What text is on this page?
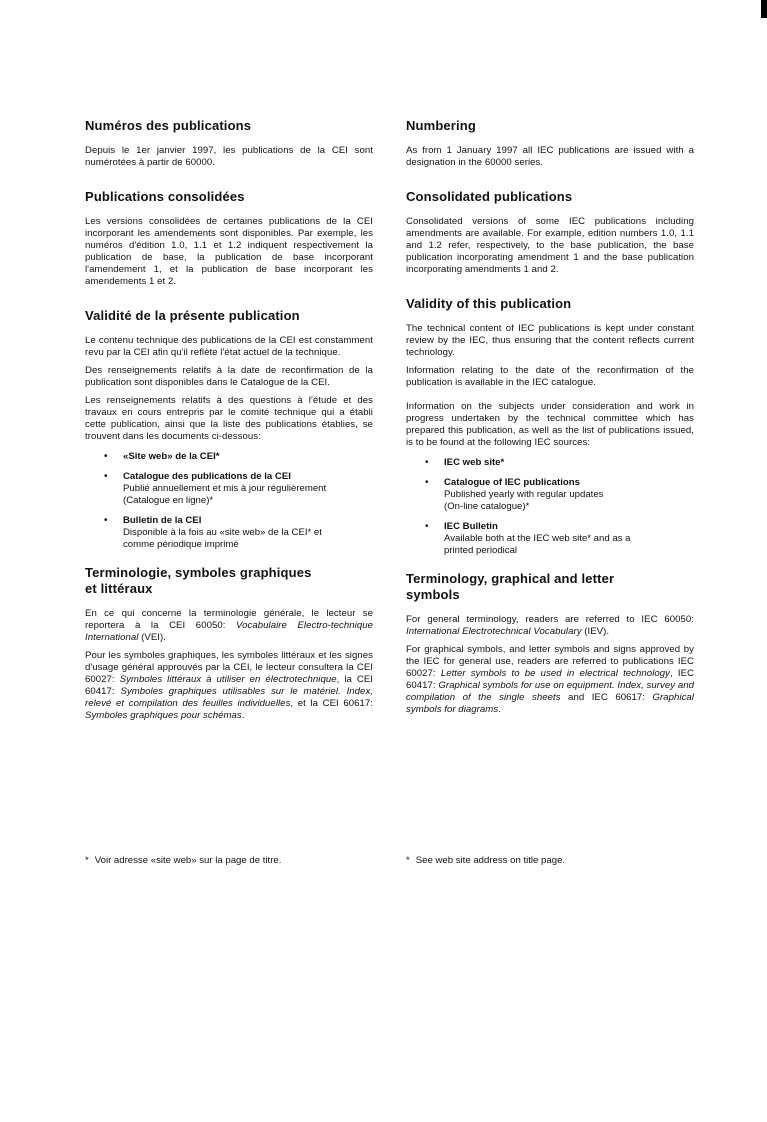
Numéros des publications

Depuis le 1er janvier 1997, les publications de la CEI sont numérotées à partir de 60000.

Publications consolidées

Les versions consolidées de certaines publications de la CEI incorporant les amendements sont disponibles. Par exemple, les numéros d'édition 1.0, 1.1 et 1.2 indiquent respectivement la publication de base, la publication de base incorporant l'amendement 1, et la publication de base incorporant les amendements 1 et 2.

Validité de la présente publication

Le contenu technique des publications de la CEI est constamment revu par la CEI afin qu'il reflète l'état actuel de la technique.

Des renseignements relatifs à la date de reconfirmation de la publication sont disponibles dans le Catalogue de la CEI.

Les renseignements relatifs à des questions à l'étude et des travaux en cours entrepris par le comité technique qui a établi cette publication, ainsi que la liste des publications établies, se trouvent dans les documents ci-dessous:

• «Site web» de la CEI*
• Catalogue des publications de la CEI
Publié annuellement et mis à jour régulièrement
(Catalogue en ligne)*
• Bulletin de la CEI
Disponible à la fois au «site web» de la CEI* et
comme périodique imprimé
Terminologie, symboles graphiques
et littéraux

En ce qui concerne la terminologie générale, le lecteur se reportera à la CEI 60050: Vocabulaire Electro-technique International (VEI).

Pour les symboles graphiques, les symboles littéraux et les signes d'usage général approuvés par la CEI, le lecteur consultera la CEI 60027: Symboles littéraux à utiliser en électrotechnique, la CEI 60417: Symboles graphiques utilisables sur le matériel. Index, relevé et compilation des feuilles individuelles, et la CEI 60617: Symboles graphiques pour schémas.

Numbering

As from 1 January 1997 all IEC publications are issued with a designation in the 60000 series.

Consolidated publications

Consolidated versions of some IEC publications including amendments are available. For example, edition numbers 1.0, 1.1 and 1.2 refer, respectively, to the base publication, the base publication incorporating amendment 1 and the base publication incorporating amendments 1 and 2.

Validity of this publication

The technical content of IEC publications is kept under constant review by the IEC, thus ensuring that the content reflects current technology.

Information relating to the date of the reconfirmation of the publication is available in the IEC catalogue.

Information on the subjects under consideration and work in progress undertaken by the technical committee which has prepared this publication, as well as the list of publications issued, is to be found at the following IEC sources:

• IEC web site*
• Catalogue of IEC publications
Published yearly with regular updates
(On-line catalogue)*
• IEC Bulletin
Available both at the IEC web site* and as a
printed periodical
Terminology, graphical and letter
symbols

For general terminology, readers are referred to IEC 60050: International Electrotechnical Vocabulary (IEV).

For graphical symbols, and letter symbols and signs approved by the IEC for general use, readers are referred to publications IEC 60027: Letter symbols to be used in electrical technology, IEC 60417: Graphical symbols for use on equipment. Index, survey and compilation of the single sheets and IEC 60617: Graphical symbols for diagrams.

* Voir adresse «site web» sur la page de titre.	* See web site address on title page.
